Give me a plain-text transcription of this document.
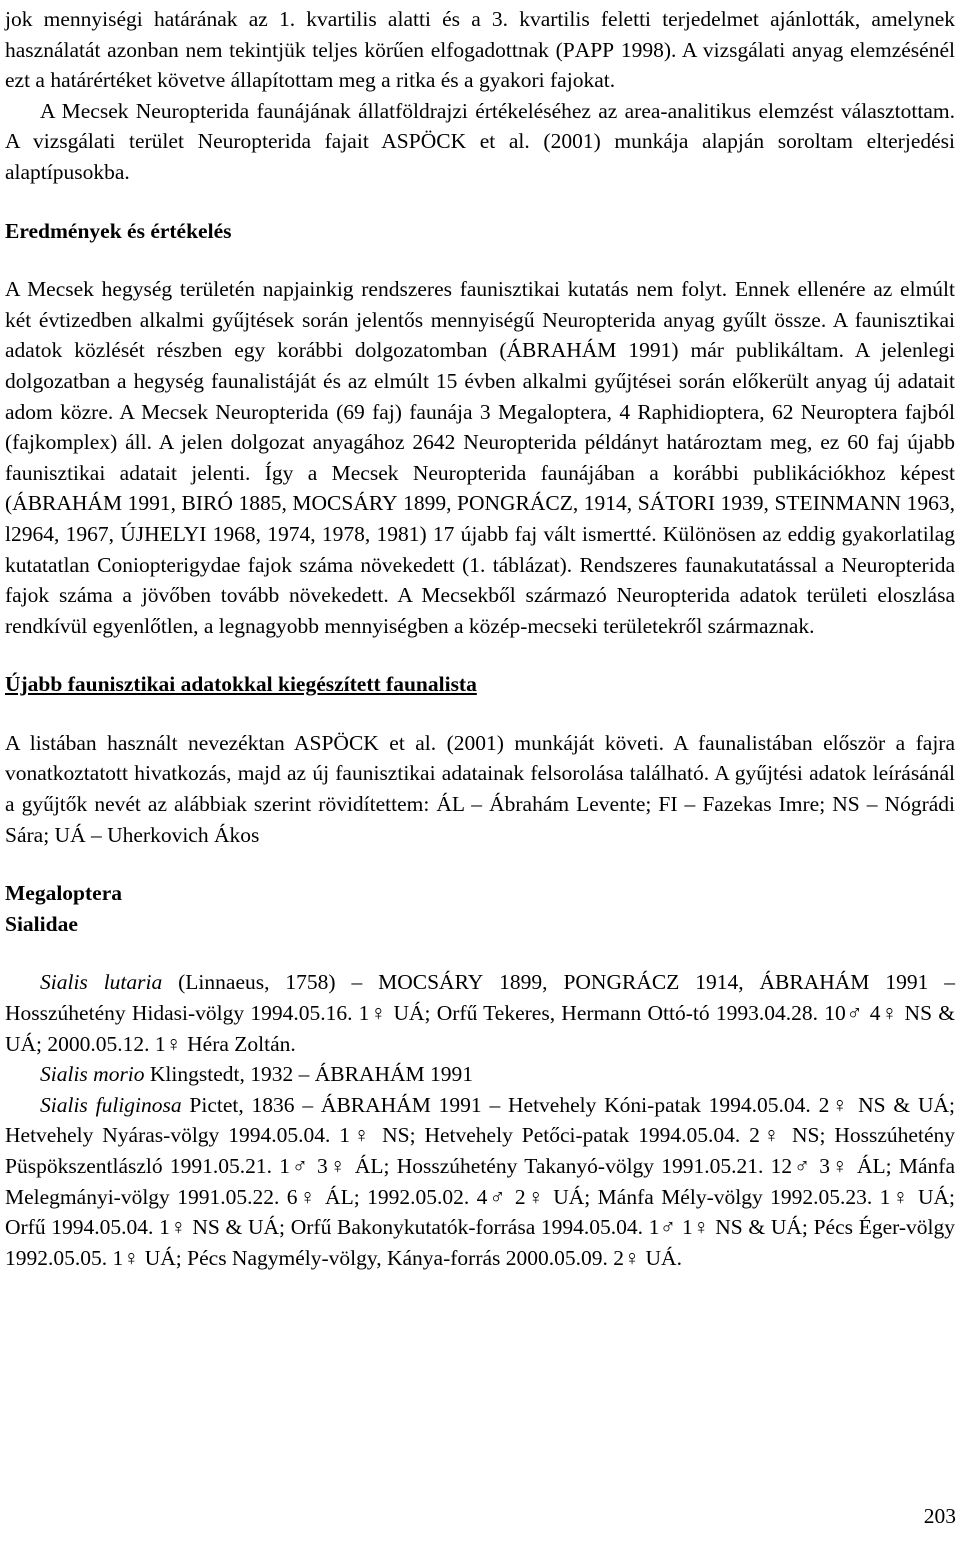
jok mennyiségi határának az 1. kvartilis alatti és a 3. kvartilis feletti terjedelmet ajánlották, amelynek használatát azonban nem tekintjük teljes körűen elfogadottnak (PAPP 1998). A vizsgálati anyag elemzésénél ezt a határértéket követve állapítottam meg a ritka és a gyakori fajokat.

A Mecsek Neuropterida faunájának állatföldrajzi értékeléséhez az area-analitikus elemzést választottam. A vizsgálati terület Neuropterida fajait ASPÖCK et al. (2001) munkája alapján soroltam elterjedési alaptípusokba.

Eredmények és értékelés

A Mecsek hegység területén napjainkig rendszeres faunisztikai kutatás nem folyt. Ennek ellenére az elmúlt két évtizedben alkalmi gyűjtések során jelentős mennyiségű Neuropterida anyag gyűlt össze. A faunisztikai adatok közlését részben egy korábbi dolgozatomban (ÁBRAHÁM 1991) már publikáltam. A jelenlegi dolgozatban a hegység faunalistáját és az elmúlt 15 évben alkalmi gyűjtései során előkerült anyag új adatait adom közre. A Mecsek Neuropterida (69 faj) faunája 3 Megaloptera, 4 Raphidioptera, 62 Neuroptera fajból (fajkomplex) áll. A jelen dolgozat anyagához 2642 Neuropterida példányt határoztam meg, ez 60 faj újabb faunisztikai adatait jelenti. Így a Mecsek Neuropterida faunájában a korábbi publikációkhoz képest (ÁBRAHÁM 1991, BIRÓ 1885, MOCSÁRY 1899, PONGRÁCZ, 1914, SÁTORI 1939, STEINMANN 1963, l2964, 1967, ÚJHELYI 1968, 1974, 1978, 1981) 17 újabb faj vált ismertté. Különösen az eddig gyakorlatilag kutatatlan Coniopterigydae fajok száma növekedett (1. táblázat). Rendszeres faunakutatással a Neuropterida fajok száma a jövőben tovább növekedett. A Mecsekből származó Neuropterida adatok területi eloszlása rendkívül egyenlőtlen, a legnagyobb mennyiségben a közép-mecseki területekről származnak.

Újabb faunisztikai adatokkal kiegészített faunalista

A listában használt nevezéktan ASPÖCK et al. (2001) munkáját követi. A faunalistában először a fajra vonatkoztatott hivatkozás, majd az új faunisztikai adatainak felsorolása található. A gyűjtési adatok leírásánál a gyűjtők nevét az alábbiak szerint rövidítettem: ÁL – Ábrahám Levente; FI – Fazekas Imre; NS – Nógrádi Sára; UÁ – Uherkovich Ákos

Megaloptera
Sialidae

Sialis lutaria (Linnaeus, 1758) – MOCSÁRY 1899, PONGRÁCZ 1914, ÁBRAHÁM 1991 – Hosszúhetény Hidasi-völgy 1994.05.16. 1♀ UÁ; Orfű Tekeres, Hermann Ottó-tó 1993.04.28. 10♂ 4♀ NS & UÁ; 2000.05.12. 1♀ Héra Zoltán.

Sialis morio Klingstedt, 1932 – ÁBRAHÁM 1991

Sialis fuliginosa Pictet, 1836 – ÁBRAHÁM 1991 – Hetvehely Kóni-patak 1994.05.04. 2♀ NS & UÁ; Hetvehely Nyáras-völgy 1994.05.04. 1♀ NS; Hetvehely Petőci-patak 1994.05.04. 2♀ NS; Hosszúhetény Püspökszentlászló 1991.05.21. 1♂ 3♀ ÁL; Hosszúhetény Takanyó-völgy 1991.05.21. 12♂ 3♀ ÁL; Mánfa Melegmányi-völgy 1991.05.22. 6♀ ÁL; 1992.05.02. 4♂ 2♀ UÁ; Mánfa Mély-völgy 1992.05.23. 1♀ UÁ; Orfű 1994.05.04. 1♀ NS & UÁ; Orfű Bakonykutatók-forrása 1994.05.04. 1♂ 1♀ NS & UÁ; Pécs Éger-völgy 1992.05.05. 1♀ UÁ; Pécs Nagymély-völgy, Kánya-forrás 2000.05.09. 2♀ UÁ.

203
